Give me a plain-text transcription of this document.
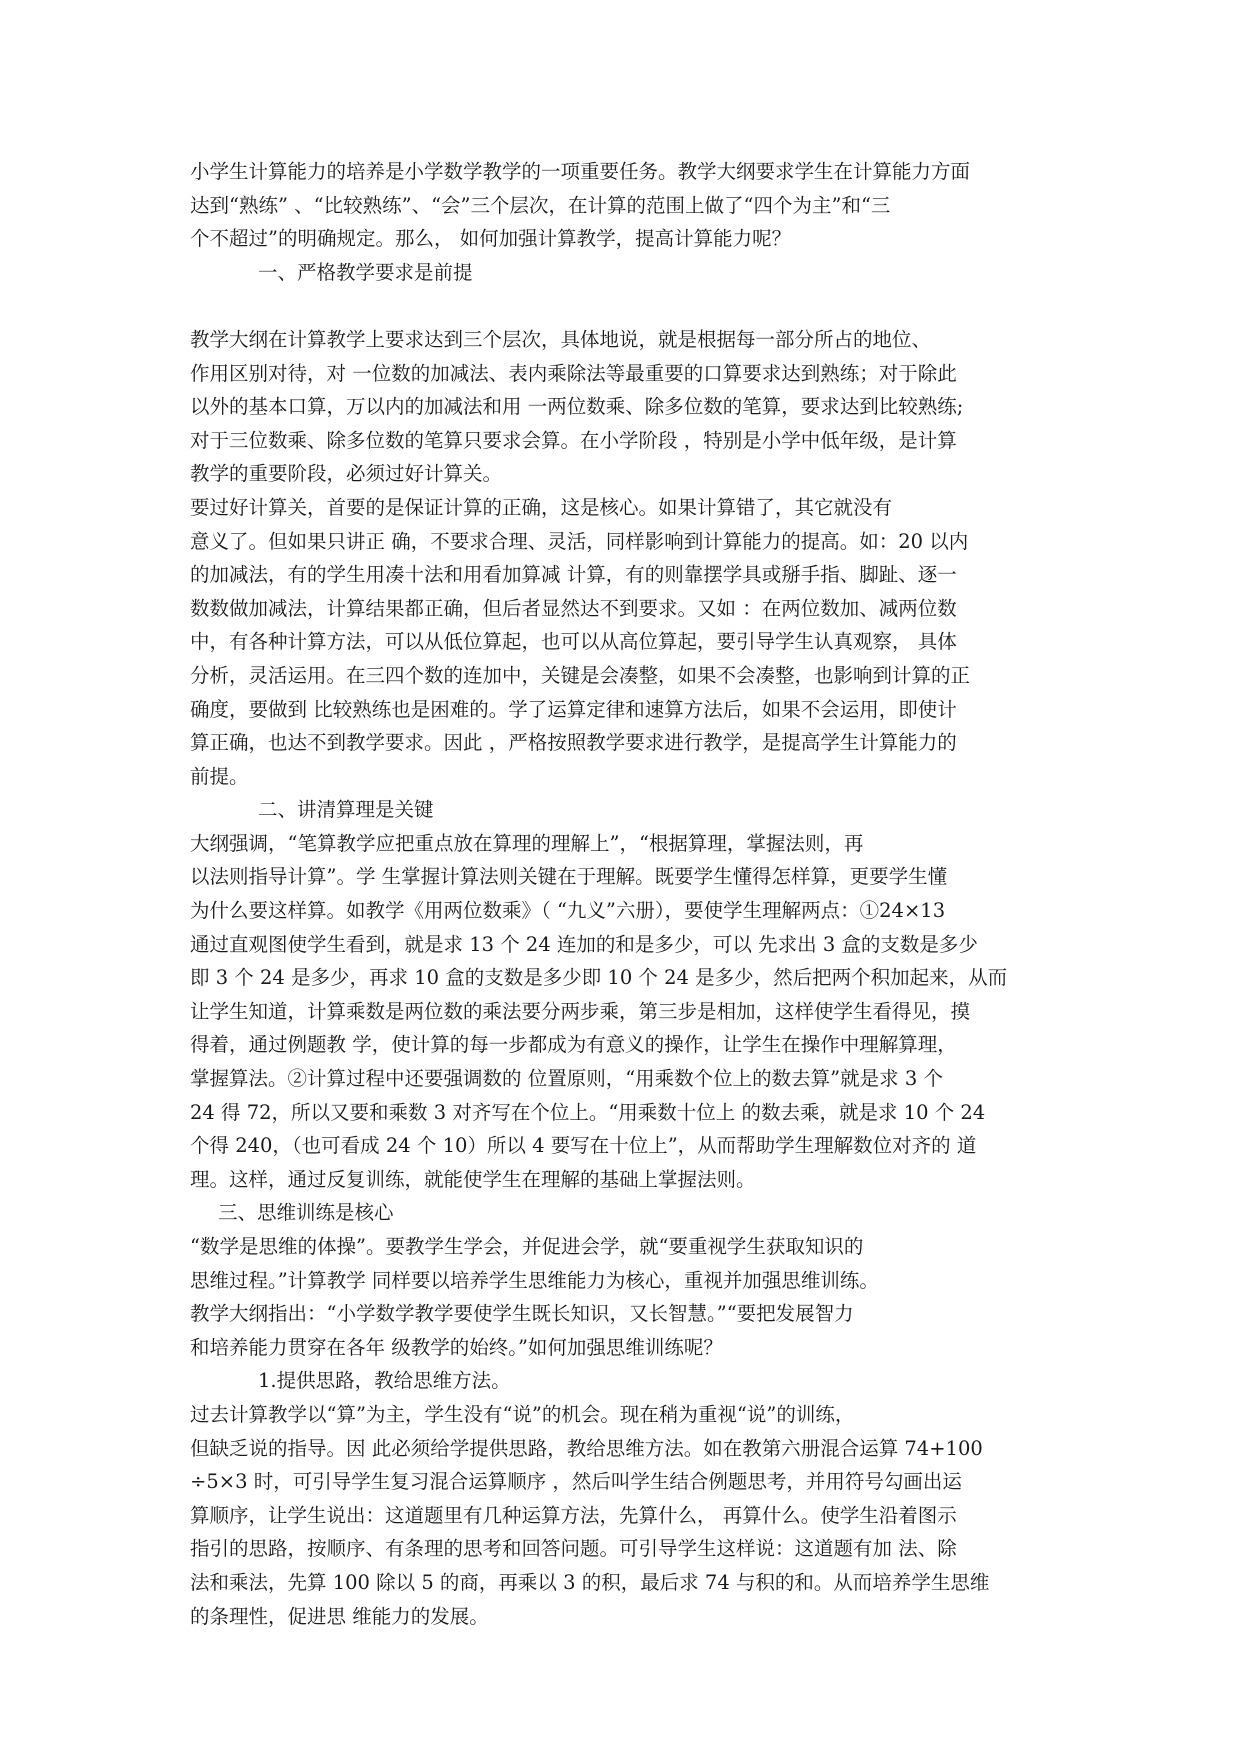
小学生计算能力的培养是小学数学教学的一项重要任务。教学大纲要求学生在计算能力方面
达到“熟练” 、“比较熟练”、“会”三个层次，在计算的范围上做了“四个为主”和“三
个不超过”的明确规定。那么， 如何加强计算教学，提高计算能力呢？

一、严格教学要求是前提

教学大纲在计算教学上要求达到三个层次，具体地说，就是根据每一部分所占的地位、
作用区别对待，对 一位数的加减法、表内乘除法等最重要的口算要求达到熟练；对于除此
以外的基本口算，万以内的加减法和用 一两位数乘、除多位数的笔算，要求达到比较熟练;
对于三位数乘、除多位数的笔算只要求会算。在小学阶段 ，特别是小学中低年级，是计算
教学的重要阶段，必须过好计算关。

要过好计算关，首要的是保证计算的正确，这是核心。如果计算错了，其它就没有
意义了。但如果只讲正 确，不要求合理、灵活，同样影响到计算能力的提高。如：20 以内
的加减法，有的学生用凑十法和用看加算减 计算，有的则靠摆学具或掰手指、脚趾、逐一
数数做加减法，计算结果都正确，但后者显然达不到要求。又如 ：在两位数加、减两位数
中，有各种计算方法，可以从低位算起，也可以从高位算起，要引导学生认真观察， 具体
分析，灵活运用。在三四个数的连加中，关键是会凑整，如果不会凑整，也影响到计算的正
确度，要做到 比较熟练也是困难的。学了运算定律和速算方法后，如果不会运用，即使计
算正确，也达不到教学要求。因此 ，严格按照教学要求进行教学，是提高学生计算能力的
前提。

二、讲清算理是关键

大纲强调，“笔算教学应把重点放在算理的理解上”，“根据算理，掌握法则，再
以法则指导计算”。学 生掌握计算法则关键在于理解。既要学生懂得怎样算，更要学生懂
为什么要这样算。如教学《用两位数乘》（ “九义”六册），要使学生理解两点：①24×13
通过直观图使学生看到，就是求 13 个 24 连加的和是多少，可以 先求出 3 盒的支数是多少
即 3 个 24 是多少，再求 10 盒的支数是多少即 10 个 24 是多少，然后把两个积加起来，从而
让学生知道，计算乘数是两位数的乘法要分两步乘，第三步是相加，这样使学生看得见，摸
得着，通过例题教 学，使计算的每一步都成为有意义的操作，让学生在操作中理解算理，
掌握算法。②计算过程中还要强调数的 位置原则，“用乘数个位上的数去算”就是求 3 个
24 得 72，所以又要和乘数 3 对齐写在个位上。“用乘数十位上 的数去乘，就是求 10 个 24
个得 240，（也可看成 24 个 10）所以 4 要写在十位上”，从而帮助学生理解数位对齐的 道
理。这样，通过反复训练，就能使学生在理解的基础上掌握法则。

三、思维训练是核心

“数学是思维的体操”。要教学生学会，并促进会学，就“要重视学生获取知识的
思维过程。”计算教学 同样要以培养学生思维能力为核心，重视并加强思维训练。

教学大纲指出：“小学数学教学要使学生既长知识，又长智慧。”“要把发展智力
和培养能力贯穿在各年 级教学的始终。”如何加强思维训练呢？

1.提供思路，教给思维方法。

过去计算教学以“算”为主，学生没有“说”的机会。现在稍为重视“说”的训练，
但缺乏说的指导。因 此必须给学提供思路，教给思维方法。如在教第六册混合运算 74+100
÷5×3 时，可引导学生复习混合运算顺序 ，然后叫学生结合例题思考，并用符号勾画出运
算顺序，让学生说出：这道题里有几种运算方法，先算什么， 再算什么。使学生沿着图示
指引的思路，按顺序、有条理的思考和回答问题。可引导学生这样说：这道题有加 法、除
法和乘法，先算 100 除以 5 的商，再乘以 3 的积，最后求 74 与积的和。从而培养学生思维
的条理性，促进思 维能力的发展。
